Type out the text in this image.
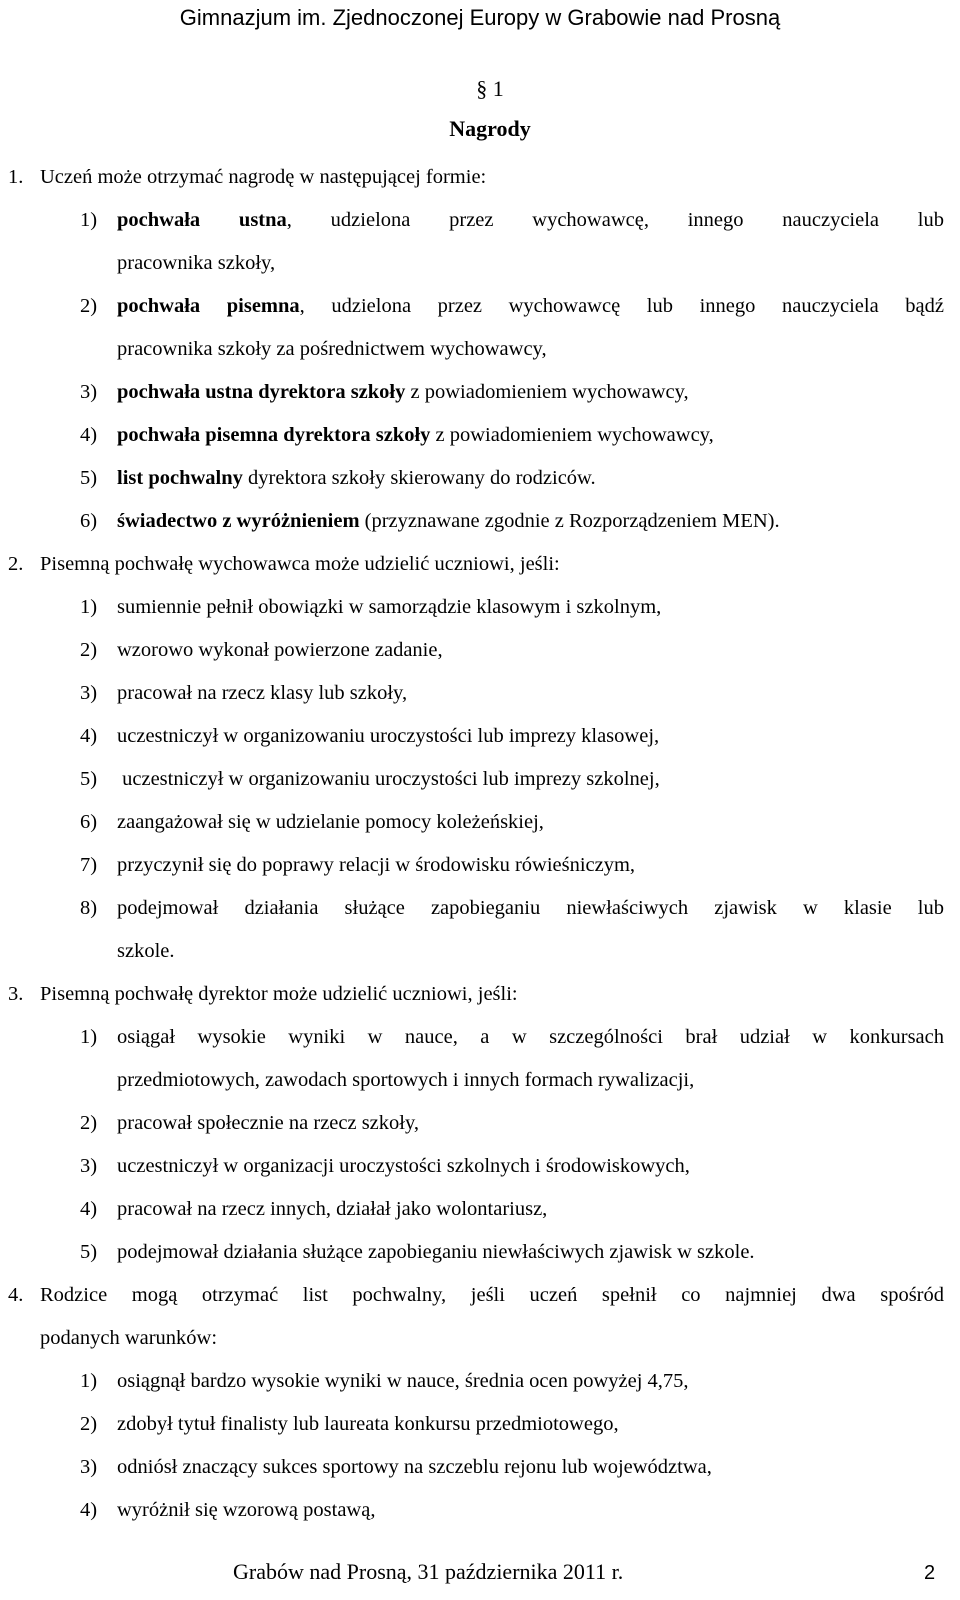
Gimnazjum im. Zjednoczonej Europy w Grabowie nad Prosną
§ 1
Nagrody
1. Uczeń może otrzymać nagrodę w następującej formie:
1) pochwała ustna, udzielona przez wychowawcę, innego nauczyciela lub
pracownika szkoły,
2) pochwała pisemna, udzielona przez wychowawcę lub innego nauczyciela bądź
pracownika szkoły za pośrednictwem wychowawcy,
3) pochwała ustna dyrektora szkoły z powiadomieniem wychowawcy,
4) pochwała pisemna dyrektora szkoły z powiadomieniem wychowawcy,
5) list pochwalny dyrektora szkoły skierowany do rodziców.
6) świadectwo z wyróżnieniem (przyznawane zgodnie z Rozporządzeniem MEN).
2. Pisemną pochwałę wychowawca może udzielić uczniowi, jeśli:
1) sumiennie pełnił obowiązki w samorządzie klasowym i szkolnym,
2) wzorowo wykonał powierzone zadanie,
3) pracował na rzecz klasy lub szkoły,
4) uczestniczył w organizowaniu uroczystości lub imprezy klasowej,
5) uczestniczył w organizowaniu uroczystości lub imprezy szkolnej,
6) zaangażował się w udzielanie pomocy koleżeńskiej,
7) przyczynił się do poprawy relacji w środowisku rówieśniczym,
8) podejmował działania służące zapobieganiu niewłaściwych zjawisk w klasie lub
szkole.
3. Pisemną pochwałę dyrektor może udzielić uczniowi, jeśli:
1) osiągał wysokie wyniki w nauce, a w szczególności brał udział w konkursach
przedmiotowych, zawodach sportowych i innych formach rywalizacji,
2) pracował społecznie na rzecz szkoły,
3) uczestniczył w organizacji uroczystości szkolnych i środowiskowych,
4) pracował na rzecz innych, działał jako wolontariusz,
5) podejmował działania służące zapobieganiu niewłaściwych zjawisk w szkole.
4. Rodzice mogą otrzymać list pochwalny, jeśli uczeń spełnił co najmniej dwa spośród
podanych warunków:
1) osiągnął bardzo wysokie wyniki w nauce, średnia ocen powyżej 4,75,
2) zdobył tytuł finalisty lub laureata konkursu przedmiotowego,
3) odniósł znaczący sukces sportowy na szczeblu rejonu lub województwa,
4) wyróżnił się wzorową postawą,
Grabów nad Prosną, 31 października 2011 r.	2
